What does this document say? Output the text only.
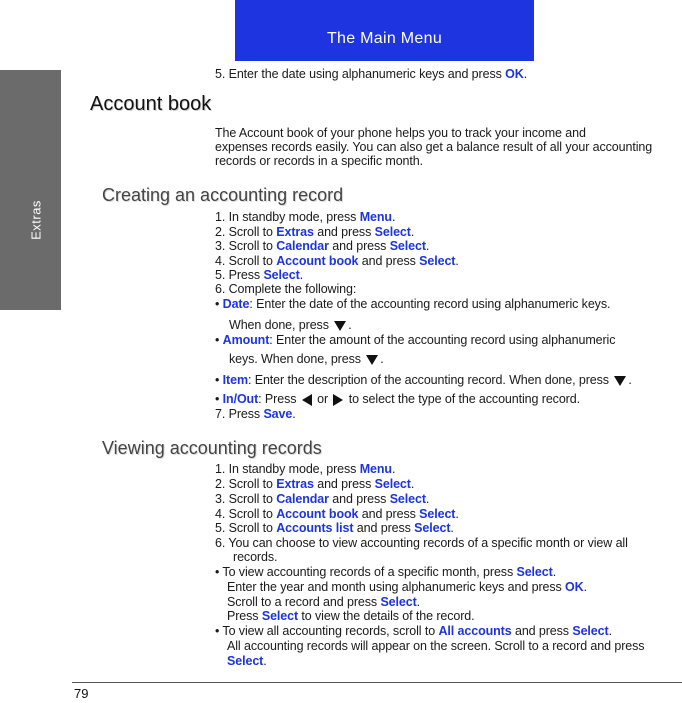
Extras
The Main Menu
5. Enter the date using alphanumeric keys and press OK.
Account book
The Account book of your phone helps you to track your income and
expenses records easily. You can also get a balance result of all your accounting
records or records in a specific month.
Creating an accounting record
1. In standby mode, press Menu.
2. Scroll to Extras and press Select.
3. Scroll to Calendar and press Select.
4. Scroll to Account book and press Select.
5. Press Select.
6. Complete the following:
• Date: Enter the date of the accounting record using alphanumeric keys.
When done, press .
• Amount: Enter the amount of the accounting record using alphanumeric
keys. When done, press .
• Item: Enter the description of the accounting record. When done, press .
• In/Out: Press  or  to select the type of the accounting record.
7. Press Save.
Viewing accounting records
1. In standby mode, press Menu.
2. Scroll to Extras and press Select.
3. Scroll to Calendar and press Select.
4. Scroll to Account book and press Select.
5. Scroll to Accounts list and press Select.
6. You can choose to view accounting records of a specific month or view all
records.
• To view accounting records of a specific month, press Select.
Enter the year and month using alphanumeric keys and press OK.
Scroll to a record and press Select.
Press Select to view the details of the record.
• To view all accounting records, scroll to All accounts and press Select.
All accounting records will appear on the screen. Scroll to a record and press
Select.
79
